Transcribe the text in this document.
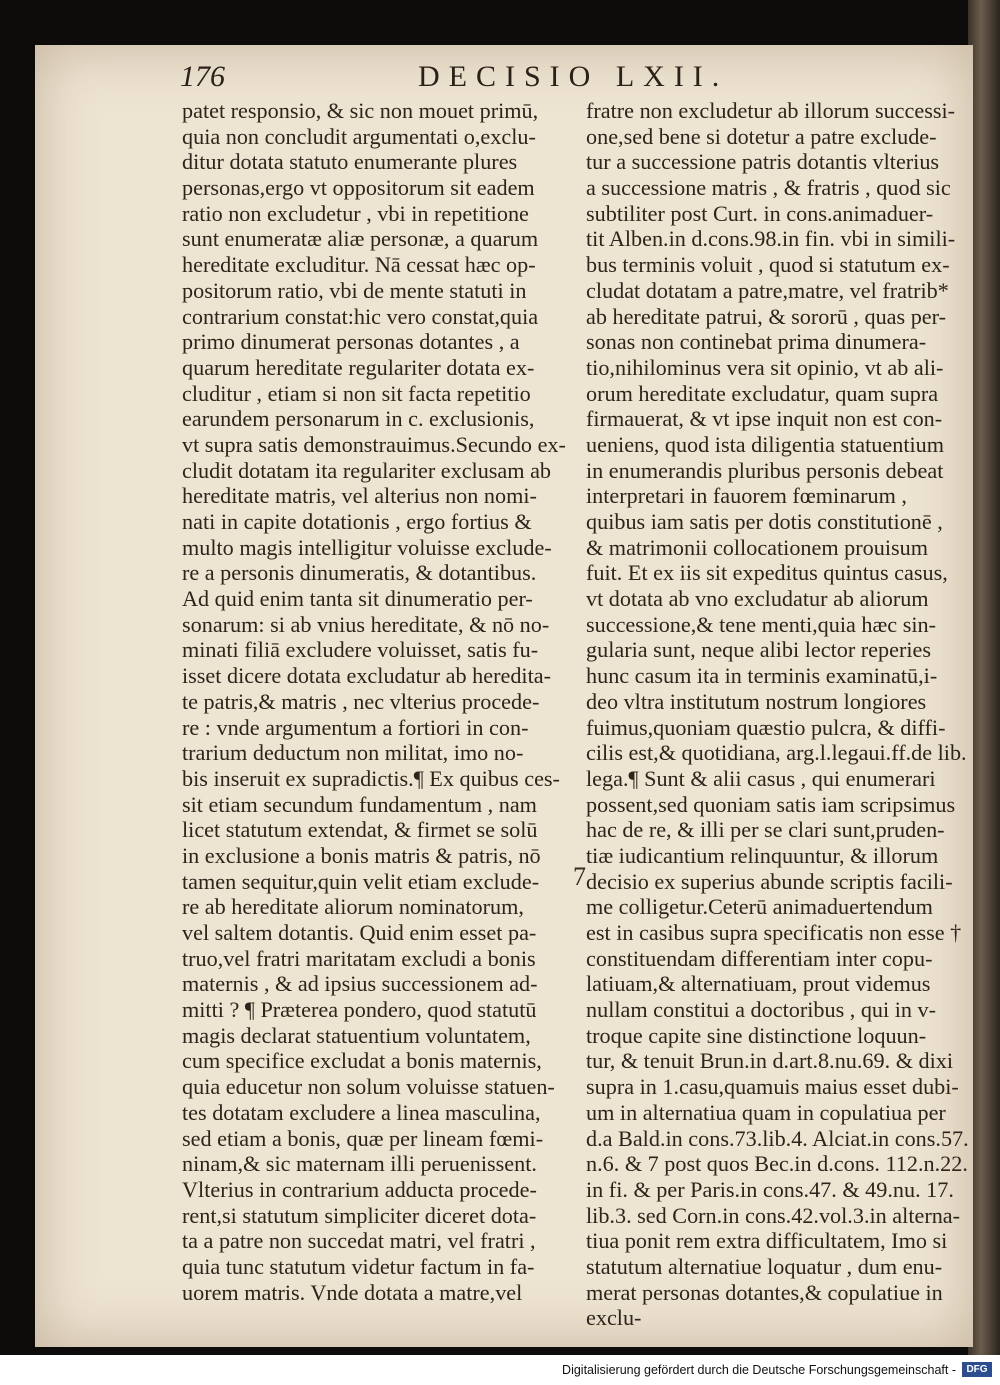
176	DECISIO LXII.
patet responsio, & sic non mouet primū,
quia non concludit argumentati o,exclu-
ditur dotata statuto enumerante plures
personas,ergo vt oppositorum sit eadem
ratio non excludetur , vbi in repetitione
sunt enumeratæ aliæ personæ, a quarum
hereditate excluditur. Nā cessat hæc op-
positorum ratio, vbi de mente statuti in
contrarium constat:hic vero constat,quia
primo dinumerat personas dotantes , a
quarum hereditate regulariter dotata ex-
cluditur , etiam si non sit facta repetitio
earundem personarum in c. exclusionis,
vt supra satis demonstrauimus.Secundo ex-
cludit dotatam ita regulariter exclusam ab
hereditate matris, vel alterius non nomi-
nati in capite dotationis , ergo fortius &
multo magis intelligitur voluisse exclude-
re a personis dinumeratis, & dotantibus.
Ad quid enim tanta sit dinumeratio per-
sonarum: si ab vnius hereditate, & nō no-
minati filiā excludere voluisset, satis fu-
isset dicere dotata excludatur ab heredita-
te patris,& matris , nec vlterius procede-
re : vnde argumentum a fortiori in con-
trarium deductum non militat, imo no-
bis inseruit ex supradictis.¶ Ex quibus ces-
sit etiam secundum fundamentum , nam
licet statutum extendat, & firmet se solū
in exclusione a bonis matris & patris, nō
tamen sequitur,quin velit etiam exclude-
re ab hereditate aliorum nominatorum,
vel saltem dotantis. Quid enim esset pa-
truo,vel fratri maritatam excludi a bonis
maternis , & ad ipsius successionem ad-
mitti ? ¶ Præterea pondero, quod statutū
magis declarat statuentium voluntatem,
cum specifice excludat a bonis maternis,
quia educetur non solum voluisse statuen-
tes dotatam excludere a linea masculina,
sed etiam a bonis, quæ per lineam fœmi-
ninam,& sic maternam illi peruenissent.
Vlterius in contrarium adducta procede-
rent,si statutum simpliciter diceret dota-
ta a patre non succedat matri, vel fratri ,
quia tunc statutum videtur factum in fa-
uorem matris. Vnde dotata a matre,vel
fratre non excludetur ab illorum successi-
one,sed bene si dotetur a patre exclude-
tur a successione patris dotantis vlterius
a successione matris , & fratris , quod sic
subtiliter post Curt. in cons.animaduer-
tit Alben.in d.cons.98.in fin. vbi in simili-
bus terminis voluit , quod si statutum ex-
cludat dotatam a patre,matre, vel fratrib*
ab hereditate patrui, & sororū , quas per-
sonas non continebat prima dinumera-
tio,nihilominus vera sit opinio, vt ab ali-
orum hereditate excludatur, quam supra
firmauerat, & vt ipse inquit non est con-
ueniens, quod ista diligentia statuentium
in enumerandis pluribus personis debeat
interpretari in fauorem fœminarum ,
quibus iam satis per dotis constitutionē ,
& matrimonii collocationem prouisum
fuit. Et ex iis sit expeditus quintus casus,
vt dotata ab vno excludatur ab aliorum
successione,& tene menti,quia hæc sin-
gularia sunt, neque alibi lector reperies
hunc casum ita in terminis examinatū,i-
deo vltra institutum nostrum longiores
fuimus,quoniam quæstio pulcra, & diffi-
cilis est,& quotidiana, arg.l.legaui.ff.de lib.
lega.¶ Sunt & alii casus , qui enumerari
possent,sed quoniam satis iam scripsimus
hac de re, & illi per se clari sunt,pruden-
tiæ iudicantium relinquuntur, & illorum
decisio ex superius abunde scriptis facili-
me colligetur.Ceterū animaduertendum
est in casibus supra specificatis non esse †
constituendam differentiam inter copu-
latiuam,& alternatiuam, prout videmus
nullam constitui a doctoribus , qui in v-
troque capite sine distinctione loquun-
tur, & tenuit Brun.in d.art.8.nu.69. & dixi
supra in 1.casu,quamuis maius esset dubi-
um in alternatiua quam in copulatiua per
d.a Bald.in cons.73.lib.4. Alciat.in cons.57.
n.6. & 7 post quos Bec.in d.cons. 112.n.22.
in fi. & per Paris.in cons.47. & 49.nu. 17.
lib.3. sed Corn.in cons.42.vol.3.in alterna-
tiua ponit rem extra difficultatem, Imo si
statutum alternatiue loquatur , dum enu-
merat personas dotantes,& copulatiue in
exclu-
7
Digitalisierung gefördert durch die Deutsche Forschungsgemeinschaft -	DFG
